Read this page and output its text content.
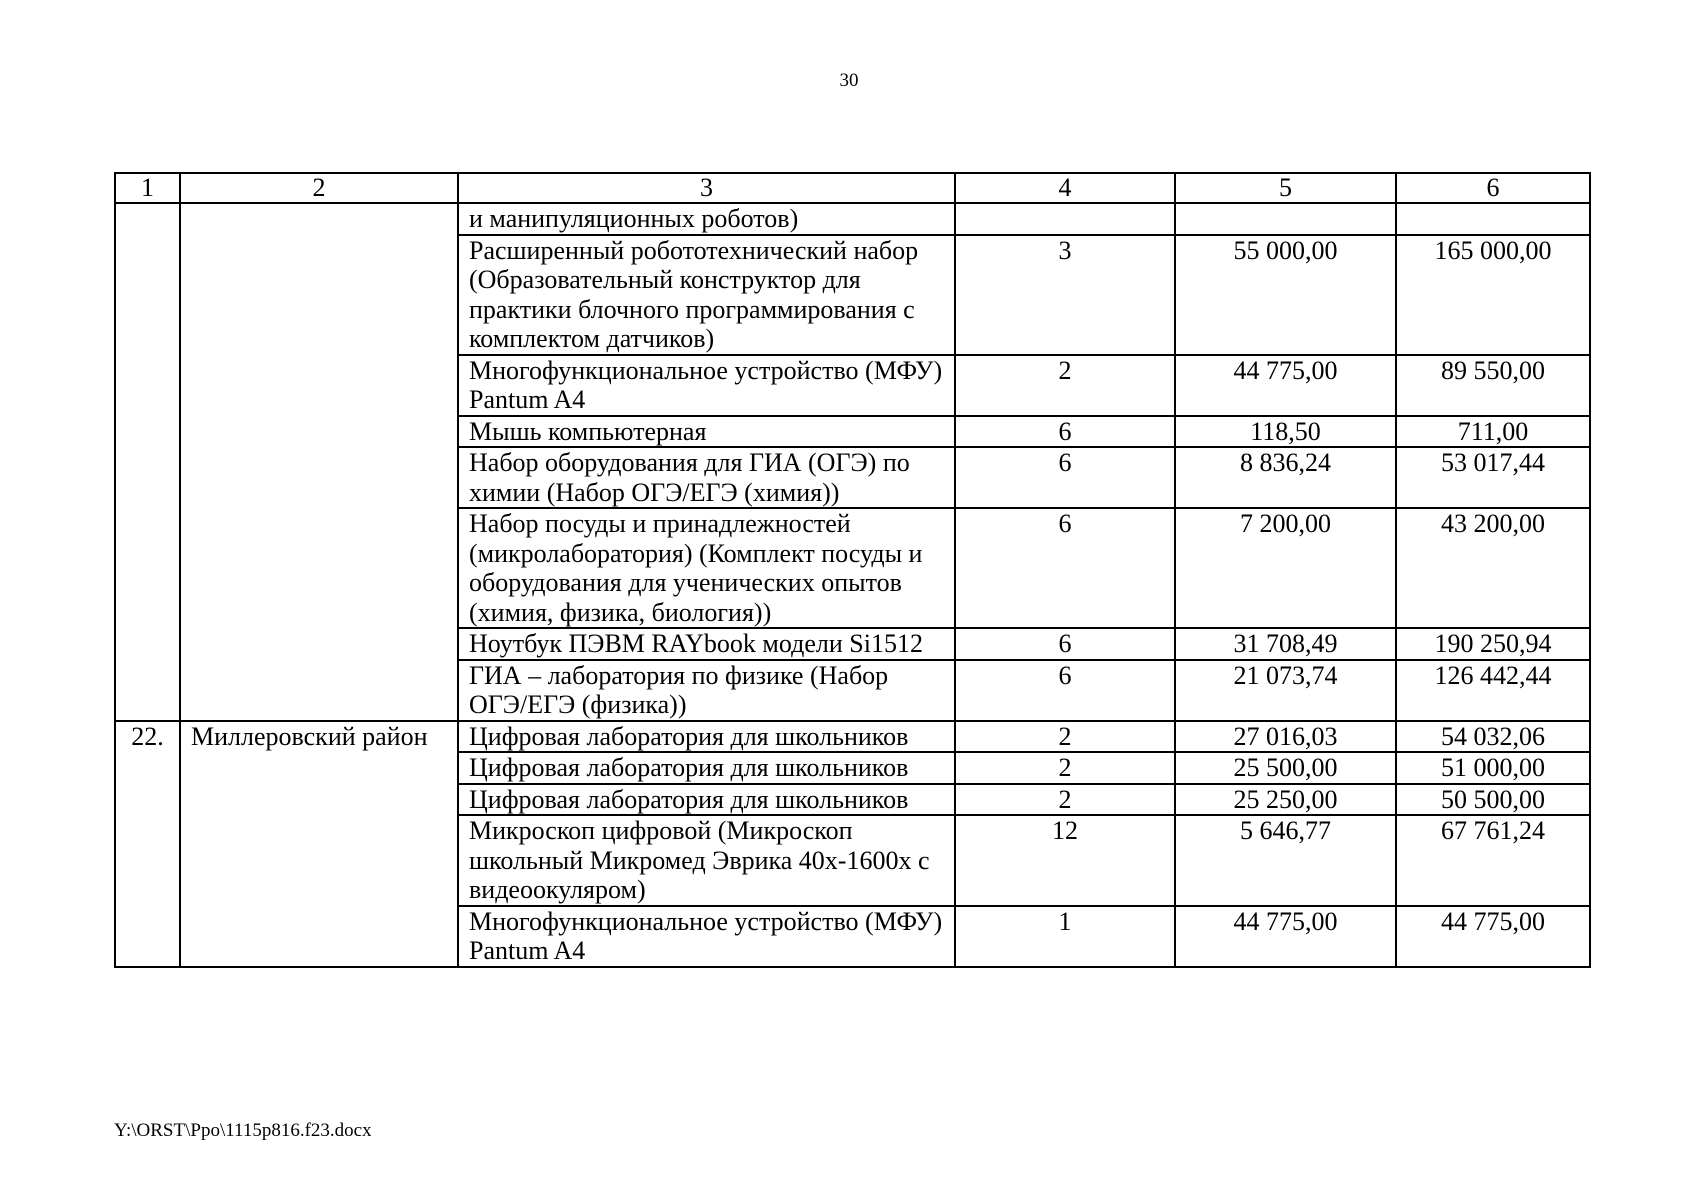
30
1	2	3	4	5	6
		и манипуляционных роботов)			
		Расширенный робототехнический набор (Образовательный конструктор для практики блочного программирования с комплектом датчиков)	3	55 000,00	165 000,00
		Многофункциональное устройство (МФУ) Pantum A4	2	44 775,00	89 550,00
		Мышь компьютерная	6	118,50	711,00
		Набор оборудования для ГИА (ОГЭ) по химии (Набор ОГЭ/ЕГЭ (химия))	6	8 836,24	53 017,44
		Набор посуды и принадлежностей (микролаборатория) (Комплект посуды и оборудования для ученических опытов (химия, физика, биология))	6	7 200,00	43 200,00
		Ноутбук ПЭВМ RAYbook модели Si1512	6	31 708,49	190 250,94
		ГИА – лаборатория по физике (Набор ОГЭ/ЕГЭ (физика))	6	21 073,74	126 442,44
22.	Миллеровский район	Цифровая лаборатория для школьников	2	27 016,03	54 032,06
		Цифровая лаборатория для школьников	2	25 500,00	51 000,00
		Цифровая лаборатория для школьников	2	25 250,00	50 500,00
		Микроскоп цифровой (Микроскоп школьный Микромед Эврика 40х-1600х с видеоокуляром)	12	5 646,77	67 761,24
		Многофункциональное устройство (МФУ) Pantum A4	1	44 775,00	44 775,00
Y:\ORST\Ppo\1115p816.f23.docx
